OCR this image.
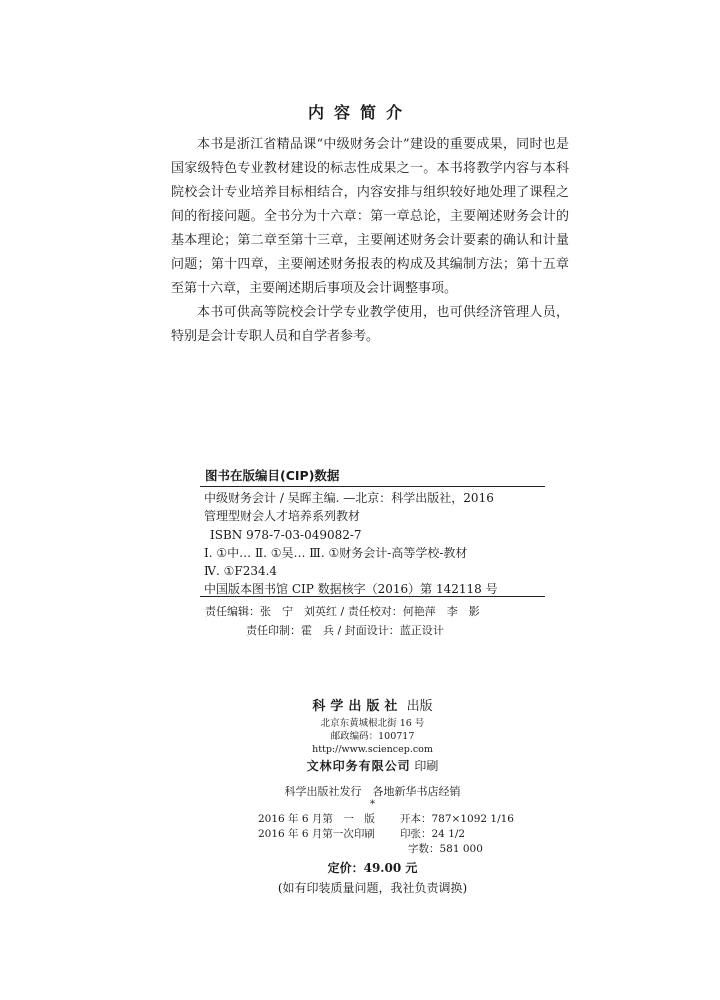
内容简介

本书是浙江省精品课“中级财务会计”建设的重要成果，同时也是国家级特色专业教材建设的标志性成果之一。本书将教学内容与本科院校会计专业培养目标相结合，内容安排与组织较好地处理了课程之间的衔接问题。全书分为十六章：第一章总论，主要阐述财务会计的基本理论；第二章至第十三章，主要阐述财务会计要素的确认和计量问题；第十四章，主要阐述财务报表的构成及其编制方法；第十五章至第十六章，主要阐述期后事项及会计调整事项。

本书可供高等院校会计学专业教学使用，也可供经济管理人员，特别是会计专职人员和自学者参考。

图书在版编目(CIP)数据
中级财务会计 / 吴晖主编. —北京：科学出版社，2016
管理型财会人才培养系列教材
ISBN 978-7-03-049082-7
Ⅰ. ①中… Ⅱ. ①吴… Ⅲ. ①财务会计-高等学校-教材
Ⅳ. ①F234.4
中国版本图书馆 CIP 数据核字（2016）第 142118 号
责任编辑：张　宁　刘英红 / 责任校对：何艳萍　李　影
责任印制：霍　兵 / 封面设计：蓝正设计
科学出版社 出版
北京东黄城根北街 16 号
邮政编码：100717
http://www.sciencep.com
文林印务有限公司 印刷
科学出版社发行　各地新华书店经销
*
2016 年 6 月第　一　版 开本：787×1092 1/16
2016 年 6 月第一次印刷 印张：24 1/2
字数：581 000
定价：49.00 元
(如有印装质量问题，我社负责调换)
